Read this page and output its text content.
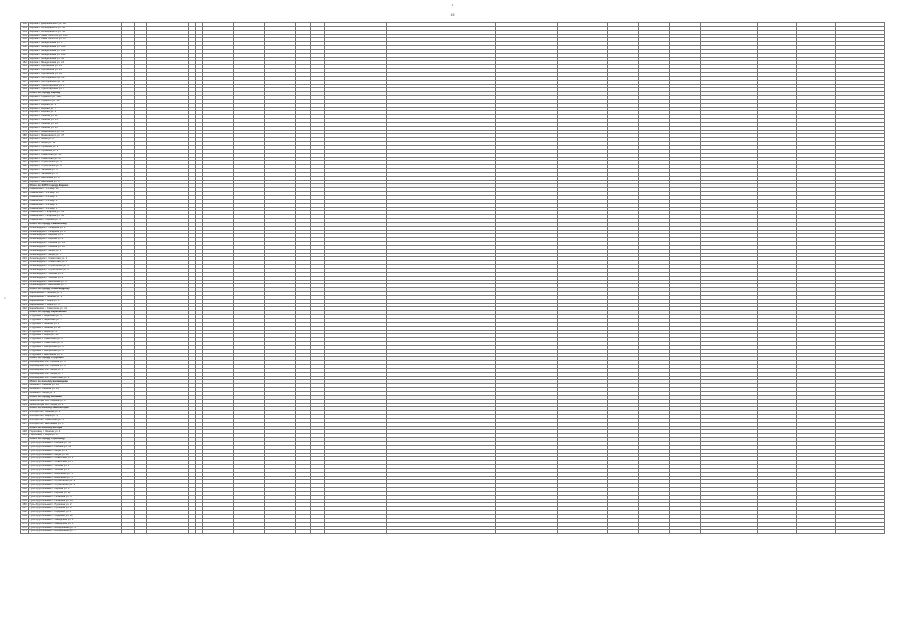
2
15
2
152	Кирова г. Дзержинского ул. 5а																					
153	Кирова г. Кольцовского ул. 30																					
154	Кирова г. Кольцовского ул. 32																					
155	Кирова г. Льва Толстого ул. 135																					
156	Кирова г. Льва Толстого ул. 87																					
157	Кирова г. Менделеева ул. 1																					
158	Кирова г. Менделеева ул. 109																					
159	Кирова г. Менделеева ул. 112																					
160	Кирова г. Менделеева ул. 128																					
161	Кирова г. Менделеева ул. 64																					
162	Кирова г. Менделеева ул. 21																					
163	Кирова г. Орловская ул. 19																					
164	Кирова г. Орловская ул. 23																					
165	Кирова г. Орловская ул. 12																					
166	Кирова г. Октябрьский пр. 60																					
167	Кирова г. Октябрьский пр. 72																					
168	Кирова г. Пролетарская ул. 1																					
169	Кирова г. Пролетарская ул. 7																					
	Итого по городу Кирову																					
170	Кирово г. Горького ул. 14а																					
171	Кирово г. Горького ул. 18																					
172	Кирово г. Кирова ул. 5																					
173	Кирово г. Кирова ул. 7																					
174	Кирово г. Кирова ул. 9																					
175	Кирово г. Ленина ул. 11																					
176	Кирово г. Ленина ул. 15																					
177	Кирово г. Ленина ул. 19																					
178	Кирово г. Ленина ул. 25																					
179	Кирово г. Маяковского ул. 13																					
180	Кирово г. Маяковского ул. 17																					
181	Кирово г. Мира ул. 8																					
182	Кирово г. Мира ул. 12																					
183	Кирово г. Пушкина ул. 2																					
184	Кирово г. Пушкина ул. 6																					
185	Кирово г. Советская ул. 21																					
186	Кирово г. Советская ул. 27																					
187	Кирово г. Строителей ул. 4																					
188	Кирово г. Строителей ул. 8																					
189	Кирово г. Чапаева ул. 3																					
190	Кирово г. Чапаева ул. 9																					
191	Кирово г. Школьная ул. 2																					
192	Кирово г. Школьная ул. 6																					
	Итого по ЗАТО городу Кирово																					
193	Раменский г. 1-й мкр. 12																					
194	Раменский г. 1-й мкр. 15																					
195	Раменский г. 2-й мкр. 4																					
196	Раменский г. 2-й мкр. 8																					
197	Раменский г. 3-й мкр. 1																					
198	Раменский г. 3-й мкр. 5																					
199	Раменский г. Гагарина ул. 12																					
200	Раменский г. Гагарина ул. 16																					
201	Раменский г. Ленина ул. 3																					
	Итого по городу Раменскому																					
202	Александров г. Гагарина ул. 2																					
203	Александров г. Гагарина ул. 6																					
204	Александров г. Кирова ул. 5																					
205	Александров г. Кирова ул. 9																					
206	Александров г. Ленина ул. 14																					
207	Александров г. Ленина ул. 18																					
208	Александров г. Мира ул. 3																					
209	Александров г. Мира ул. 7																					
210	Александров г. Советская ул. 1																					
211	Александров г. Советская ул. 5																					
212	Александров г. Строителей ул. 2																					
213	Александров г. Строителей ул. 6																					
214	Александров г. Чехова ул. 4																					
215	Александров г. Чехова ул. 8																					
216	Александров г. Школьная ул. 3																					
217	Александров г. Школьная ул. 7																					
	Итого по городу Александрову																					
218	Карабаново г. Ленина ул. 5																					
219	Карабаново г. Ленина ул. 9																					
220	Карабаново г. Мира ул. 2																					
221	Карабаново г. Мира ул. 6																					
222	Карабаново г. Советская ул. 11																					
	Итого по городу Карабаново																					
223	Струнино г. Заречная ул. 3																					
224	Струнино г. Заречная ул. 7																					
225	Струнино г. Ленина ул. 8																					
226	Струнино г. Ленина ул. 12																					
227	Струнино г. Мира ул. 4																					
228	Струнино г. Мира ул. 10																					
229	Струнино г. Советская ул. 2																					
230	Струнино г. Советская ул. 6																					
231	Струнино г. Фабричная ул. 1																					
232	Струнино г. Фабричная ул. 5																					
233	Струнино г. Школьная ул. 3																					
	Итого по городу Струнино																					
234	Балакирево пос. Ленина ул. 4																					
235	Балакирево пос. Ленина ул. 8																					
236	Балакирево пос. Мира ул. 3																					
237	Балакирево пос. Мира ул. 7																					
238	Балакирево пос. Советская ул. 2																					
	Итого по поселку Балакирево																					
239	Вязники г. Ленина ул. 10																					
240	Вязники г. Ленина ул. 14																					
241	Вязники г. Мира ул. 5																					
	Итого по городу Вязники																					
242	Никологоры пос. Ленина ул. 2																					
243	Никологоры пос. Мира ул. 4																					
	Итого по поселку Никологоры																					
244	Мстера пос. Ленина ул. 6																					
245	Мстера пос. Мира ул. 3																					
246	Мстера пос. Советская ул. 1																					
247	Мстера пос. Школьная ул. 5																					
	Итого по поселку Мстера																					
248	Гороховец г. Ленина ул. 4																					
249	Гороховец г. Мира ул. 2																					
	Итого по городу Гороховцу																					
250	Гусь-Хрустальный г. Ленина ул. 15																					
251	Гусь-Хрустальный г. Ленина ул. 19																					
252	Гусь-Хрустальный г. Мира ул. 8																					
253	Гусь-Хрустальный г. Мира ул. 12																					
254	Гусь-Хрустальный г. Советская ул. 3																					
255	Гусь-Хрустальный г. Советская ул. 7																					
256	Гусь-Хрустальный г. Чехова ул. 2																					
257	Гусь-Хрустальный г. Чехова ул. 6																					
258	Гусь-Хрустальный г. Школьная ул. 1																					
259	Гусь-Хрустальный г. Школьная ул. 5																					
260	Гусь-Хрустальный г. Строителей ул. 4																					
261	Гусь-Хрустальный г. Строителей ул. 9																					
262	Гусь-Хрустальный г. Кирова ул. 3																					
263	Гусь-Хрустальный г. Кирова ул. 11																					
264	Гусь-Хрустальный г. Гагарина ул. 6																					
265	Гусь-Хрустальный г. Гагарина ул. 10																					
266	Гусь-Хрустальный г. Пушкина ул. 2																					
267	Гусь-Хрустальный г. Пушкина ул. 8																					
268	Гусь-Хрустальный г. Садовая ул. 4																					
269	Гусь-Хрустальный г. Садовая ул. 12																					
270	Гусь-Хрустальный г. Заводская ул. 1																					
271	Гусь-Хрустальный г. Заводская ул. 5																					
272	Гусь-Хрустальный г. Набережная ул. 3																					
273	Гусь-Хрустальный г. Набережная ул. 7																					
